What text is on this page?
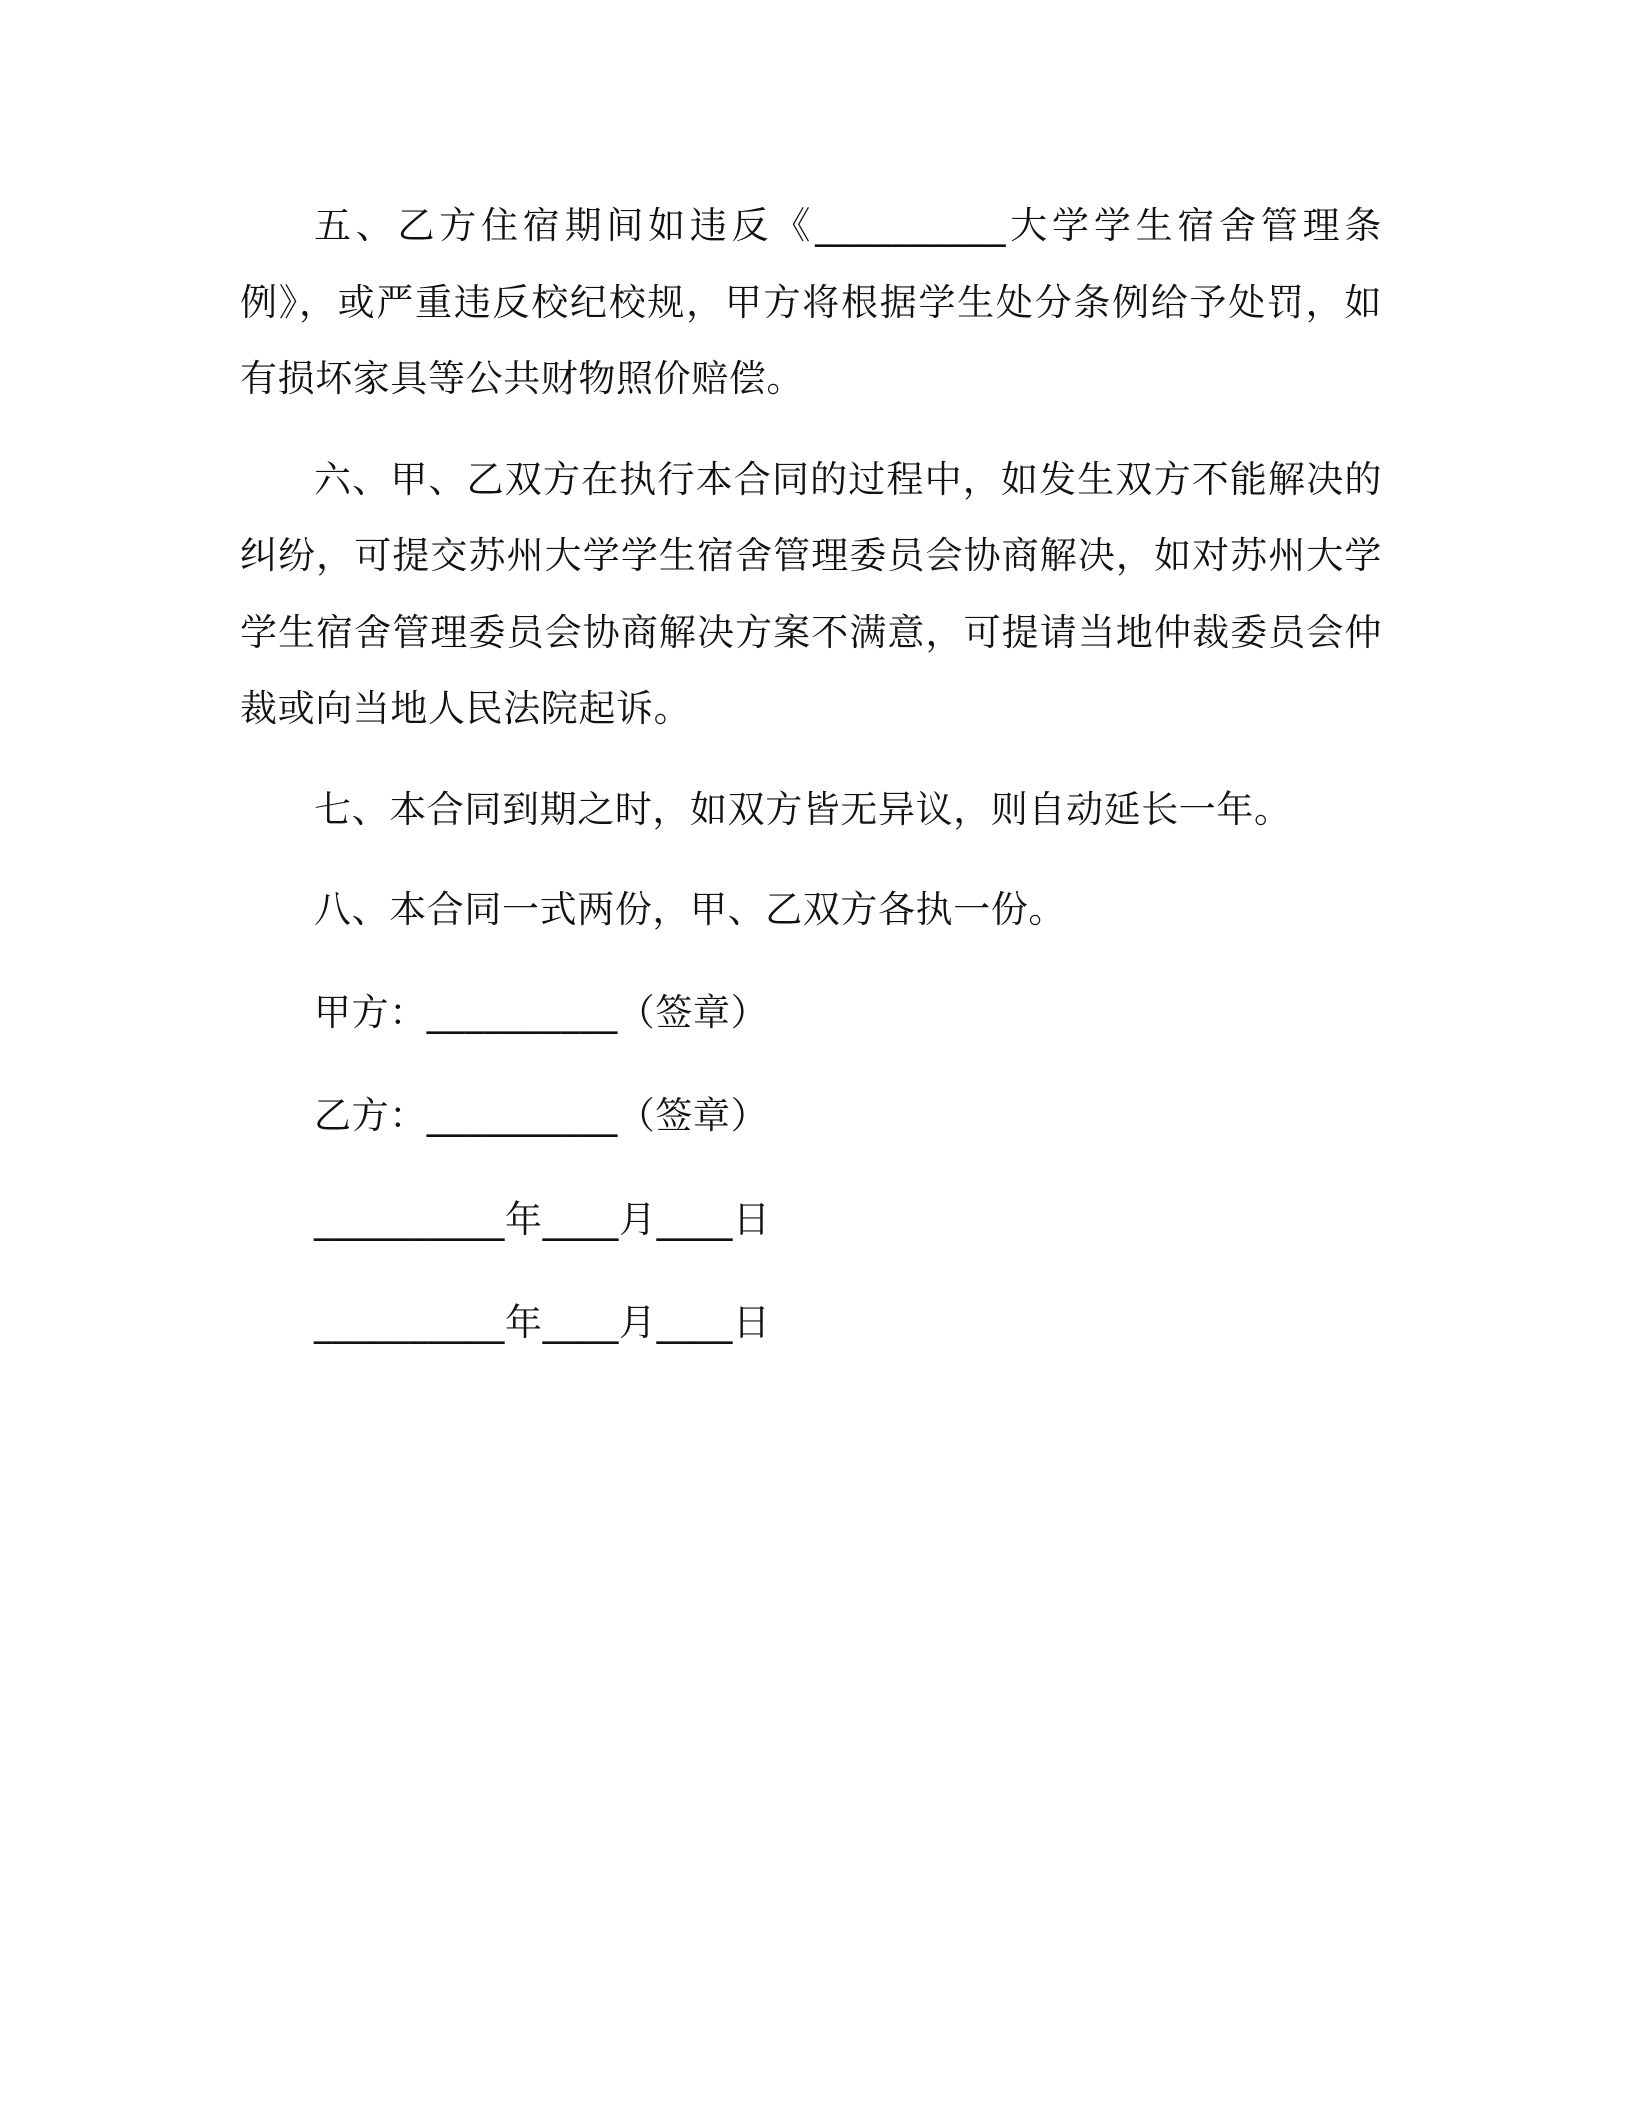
五、乙方住宿期间如违反《__________大学学生宿舍管理条例》，或严重违反校纪校规，甲方将根据学生处分条例给予处罚，如有损坏家具等公共财物照价赔偿。

六、甲、乙双方在执行本合同的过程中，如发生双方不能解决的纠纷，可提交苏州大学学生宿舍管理委员会协商解决，如对苏州大学学生宿舍管理委员会协商解决方案不满意，可提请当地仲裁委员会仲裁或向当地人民法院起诉。

七、本合同到期之时，如双方皆无异议，则自动延长一年。

八、本合同一式两份，甲、乙双方各执一份。

甲方：__________（签章）

乙方：__________（签章）

__________年____月____日

__________年____月____日
